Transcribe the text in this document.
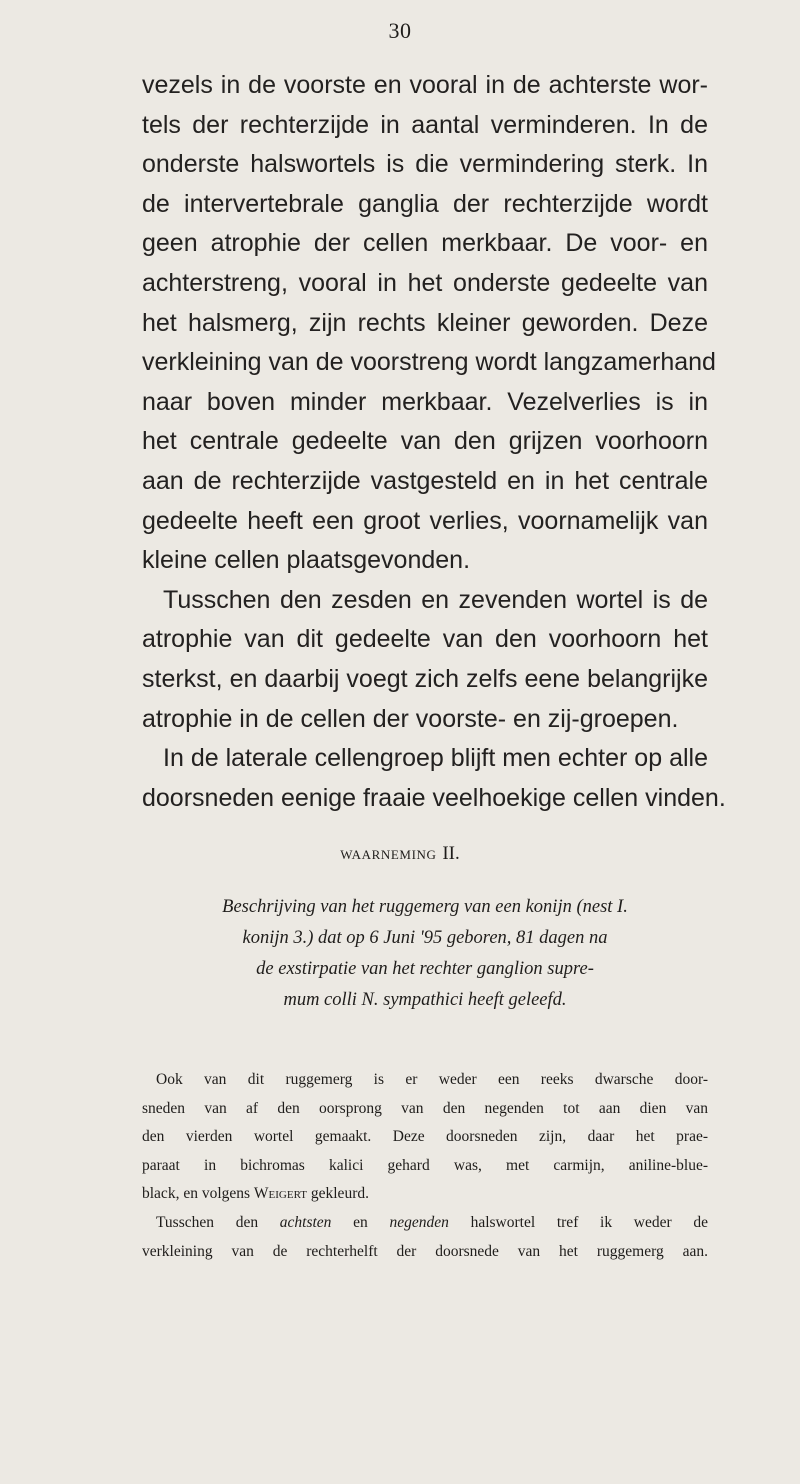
30
vezels in de voorste en vooral in de achterste wor-
tels der rechterzijde in aantal verminderen. In de
onderste halswortels is die vermindering sterk. In
de intervertebrale ganglia der rechterzijde wordt
geen atrophie der cellen merkbaar. De voor- en
achterstreng, vooral in het onderste gedeelte van
het halsmerg, zijn rechts kleiner geworden. Deze
verkleining van de voorstreng wordt langzamerhand
naar boven minder merkbaar. Vezelverlies is in
het centrale gedeelte van den grijzen voorhoorn
aan de rechterzijde vastgesteld en in het centrale
gedeelte heeft een groot verlies, voornamelijk van
kleine cellen plaatsgevonden.
Tusschen den zesden en zevenden wortel is de
atrophie van dit gedeelte van den voorhoorn het
sterkst, en daarbij voegt zich zelfs eene belangrijke
atrophie in de cellen der voorste- en zij-groepen.
In de laterale cellengroep blijft men echter op alle
doorsneden eenige fraaie veelhoekige cellen vinden.
WAARNEMING II.
Beschrijving van het ruggemerg van een konijn (nest I.
konijn 3.) dat op 6 Juni '95 geboren, 81 dagen na
de exstirpatie van het rechter ganglion supre-
mum colli N. sympathici heeft geleefd.
Ook van dit ruggemerg is er weder een reeks dwarsche door-
sneden van af den oorsprong van den negenden tot aan dien van
den vierden wortel gemaakt. Deze doorsneden zijn, daar het prae-
paraat in bichromas kalici gehard was, met carmijn, aniline-blue-
black, en volgens Weigert gekleurd.
Tusschen den achtsten en negenden halswortel tref ik weder de
verkleining van de rechterhelft der doorsnede van het ruggemerg aan.
